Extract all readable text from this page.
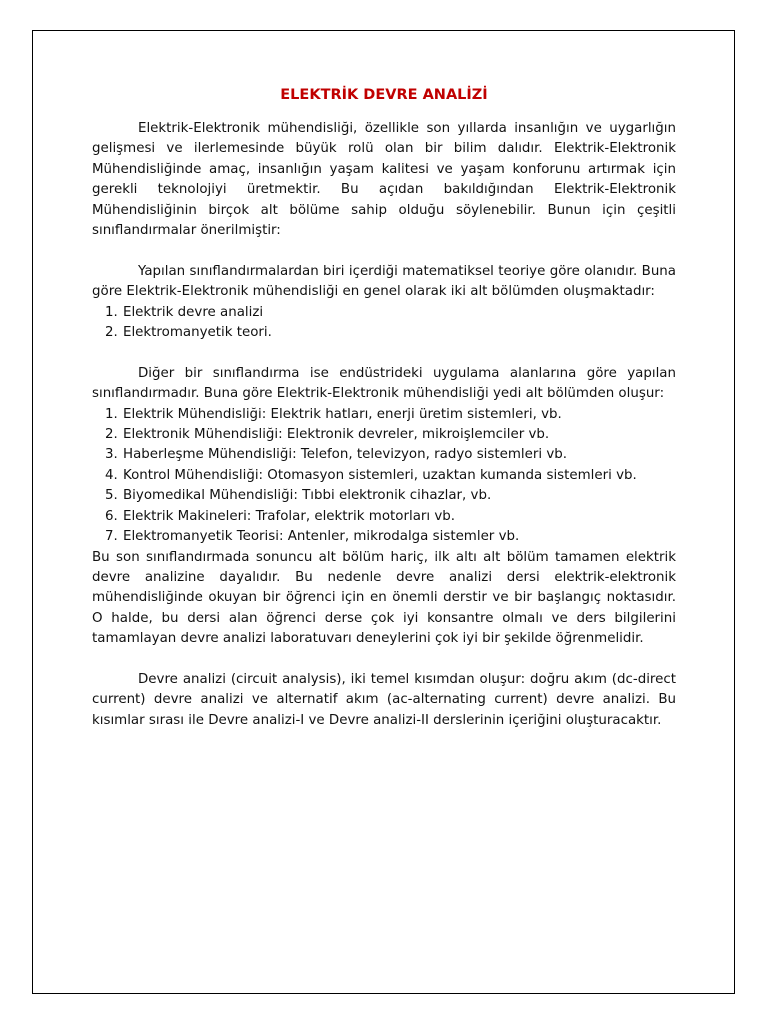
ELEKTRİK DEVRE ANALİZİ

Elektrik-Elektronik mühendisliği, özellikle son yıllarda insanlığın ve uygarlığın gelişmesi ve ilerlemesinde büyük rolü olan bir bilim dalıdır. Elektrik-Elektronik Mühendisliğinde amaç, insanlığın yaşam kalitesi ve yaşam konforunu artırmak için gerekli teknolojiyi üretmektir. Bu açıdan bakıldığından Elektrik-Elektronik Mühendisliğinin birçok alt bölüme sahip olduğu söylenebilir. Bunun için çeşitli sınıflandırmalar önerilmiştir:

Yapılan sınıflandırmalardan biri içerdiği matematiksel teoriye göre olanıdır. Buna göre Elektrik-Elektronik mühendisliği en genel olarak iki alt bölümden oluşmaktadır:

1. Elektrik devre analizi
2. Elektromanyetik teori.

Diğer bir sınıflandırma ise endüstrideki uygulama alanlarına göre yapılan sınıflandırmadır. Buna göre Elektrik-Elektronik mühendisliği yedi alt bölümden oluşur:

1. Elektrik Mühendisliği: Elektrik hatları, enerji üretim sistemleri, vb.
2. Elektronik Mühendisliği: Elektronik devreler, mikroişlemciler vb.
3. Haberleşme Mühendisliği: Telefon, televizyon, radyo sistemleri vb.
4. Kontrol Mühendisliği: Otomasyon sistemleri, uzaktan kumanda sistemleri vb.
5. Biyomedikal Mühendisliği: Tıbbi elektronik cihazlar, vb.
6. Elektrik Makineleri: Trafolar, elektrik motorları vb.
7. Elektromanyetik Teorisi: Antenler, mikrodalga sistemler vb.

Bu son sınıflandırmada sonuncu alt bölüm hariç, ilk altı alt bölüm tamamen elektrik devre analizine dayalıdır. Bu nedenle devre analizi dersi elektrik-elektronik mühendisliğinde okuyan bir öğrenci için en önemli derstir ve bir başlangıç noktasıdır. O halde, bu dersi alan öğrenci derse çok iyi konsantre olmalı ve ders bilgilerini tamamlayan devre analizi laboratuvarı deneylerini çok iyi bir şekilde öğrenmelidir.

Devre analizi (circuit analysis), iki temel kısımdan oluşur: doğru akım (dc-direct current) devre analizi ve alternatif akım (ac-alternating current) devre analizi. Bu kısımlar sırası ile Devre analizi-I ve Devre analizi-II derslerinin içeriğini oluşturacaktır.
